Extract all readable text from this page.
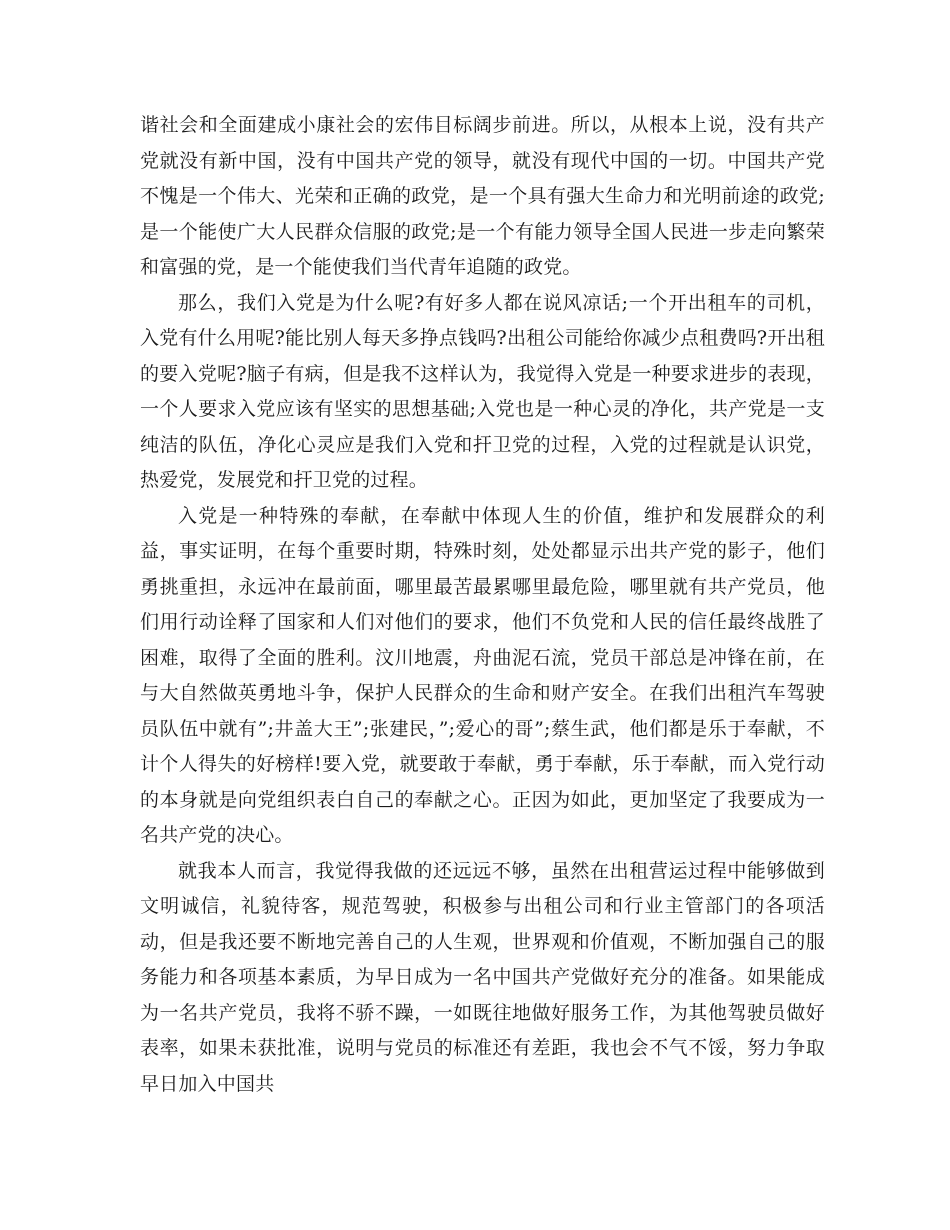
谐社会和全面建成小康社会的宏伟目标阔步前进。所以，从根本上说，没有共产党就没有新中国，没有中国共产党的领导，就没有现代中国的一切。中国共产党不愧是一个伟大、光荣和正确的政党，是一个具有强大生命力和光明前途的政党;是一个能使广大人民群众信服的政党;是一个有能力领导全国人民进一步走向繁荣和富强的党，是一个能使我们当代青年追随的政党。

那么，我们入党是为什么呢?有好多人都在说风凉话;一个开出租车的司机，入党有什么用呢?能比别人每天多挣点钱吗?出租公司能给你减少点租费吗?开出租的要入党呢?脑子有病，但是我不这样认为，我觉得入党是一种要求进步的表现，一个人要求入党应该有坚实的思想基础;入党也是一种心灵的净化，共产党是一支纯洁的队伍，净化心灵应是我们入党和扞卫党的过程，入党的过程就是认识党，热爱党，发展党和扞卫党的过程。

入党是一种特殊的奉献，在奉献中体现人生的价值，维护和发展群众的利益，事实证明，在每个重要时期，特殊时刻，处处都显示出共产党的影子，他们勇挑重担，永远冲在最前面，哪里最苦最累哪里最危险，哪里就有共产党员，他们用行动诠释了国家和人们对他们的要求，他们不负党和人民的信任最终战胜了困难，取得了全面的胜利。汶川地震，舟曲泥石流，党员干部总是冲锋在前，在与大自然做英勇地斗争，保护人民群众的生命和财产安全。在我们出租汽车驾驶员队伍中就有”;井盖大王”;张建民，”;爱心的哥”;蔡生武，他们都是乐于奉献，不计个人得失的好榜样!要入党，就要敢于奉献，勇于奉献，乐于奉献，而入党行动的本身就是向党组织表白自己的奉献之心。正因为如此，更加坚定了我要成为一名共产党的决心。

就我本人而言，我觉得我做的还远远不够，虽然在出租营运过程中能够做到文明诚信，礼貌待客，规范驾驶，积极参与出租公司和行业主管部门的各项活动，但是我还要不断地完善自己的人生观，世界观和价值观，不断加强自己的服务能力和各项基本素质，为早日成为一名中国共产党做好充分的准备。如果能成为一名共产党员，我将不骄不躁，一如既往地做好服务工作，为其他驾驶员做好表率，如果未获批准，说明与党员的标准还有差距，我也会不气不馁，努力争取早日加入中国共
